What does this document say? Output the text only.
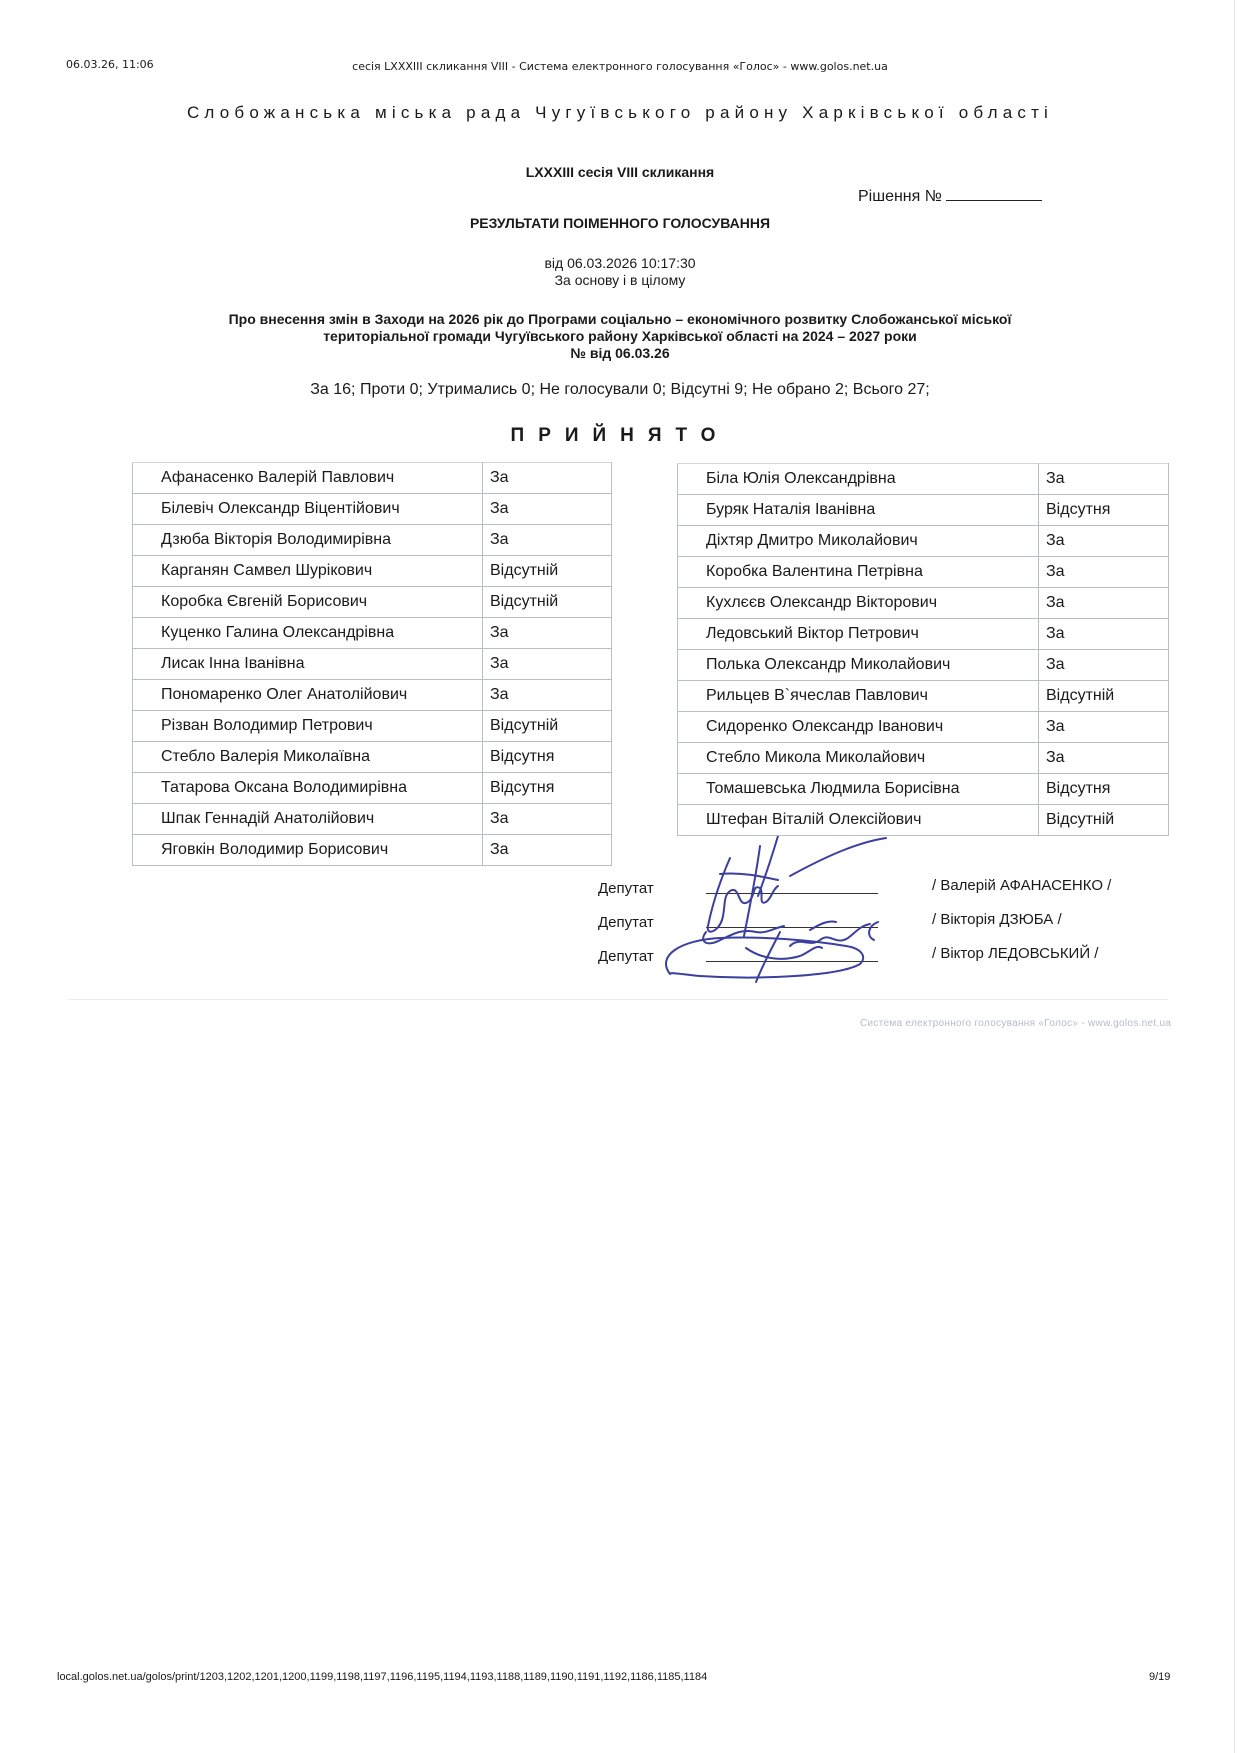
06.03.26, 11:06	сесія LXXXIII скликання VIII - Система електронного голосування «Голос» - www.golos.net.ua
Слобожанська міська рада Чугуївського району Харківської області
LXXXIII сесія VIII скликання
Рішення №
РЕЗУЛЬТАТИ ПОІМЕННОГО ГОЛОСУВАННЯ
від 06.03.2026 10:17:30
За основу і в цілому
Про внесення змін в Заходи на 2026 рік до Програми соціально – економічного розвитку Слобожанської міської
територіальної громади Чугуївського району Харківської області на 2024 – 2027 роки
№ від 06.03.26
За 16; Проти 0; Утримались 0; Не голосували 0; Відсутні 9; Не обрано 2; Всього 27;
ПРИЙНЯТО
Афанасенко Валерій Павлович	За
Білевіч Олександр Віцентійович	За
Дзюба Вікторія Володимирівна	За
Карганян Самвел Шурікович	Відсутній
Коробка Євгеній Борисович	Відсутній
Куценко Галина Олександрівна	За
Лисак Інна Іванівна	За
Пономаренко Олег Анатолійович	За
Різван Володимир Петрович	Відсутній
Стебло Валерія Миколаївна	Відсутня
Татарова Оксана Володимирівна	Відсутня
Шпак Геннадій Анатолійович	За
Яговкін Володимир Борисович	За
Біла Юлія Олександрівна	За
Буряк Наталія Іванівна	Відсутня
Діхтяр Дмитро Миколайович	За
Коробка Валентина Петрівна	За
Кухлєєв Олександр Вікторович	За
Ледовський Віктор Петрович	За
Полька Олександр Миколайович	За
Рильцев В`ячеслав Павлович	Відсутній
Сидоренко Олександр Іванович	За
Стебло Микола Миколайович	За
Томашевська Людмила Борисівна	Відсутня
Штефан Віталій Олексійович	Відсутній
Депутат	/ Валерій АФАНАСЕНКО /
Депутат	/ Вікторія ДЗЮБА /
Депутат	/ Віктор ЛЕДОВСЬКИЙ /
Система електронного голосування «Голос» - www.golos.net.ua
local.golos.net.ua/golos/print/1203,1202,1201,1200,1199,1198,1197,1196,1195,1194,1193,1188,1189,1190,1191,1192,1186,1185,1184	9/19
